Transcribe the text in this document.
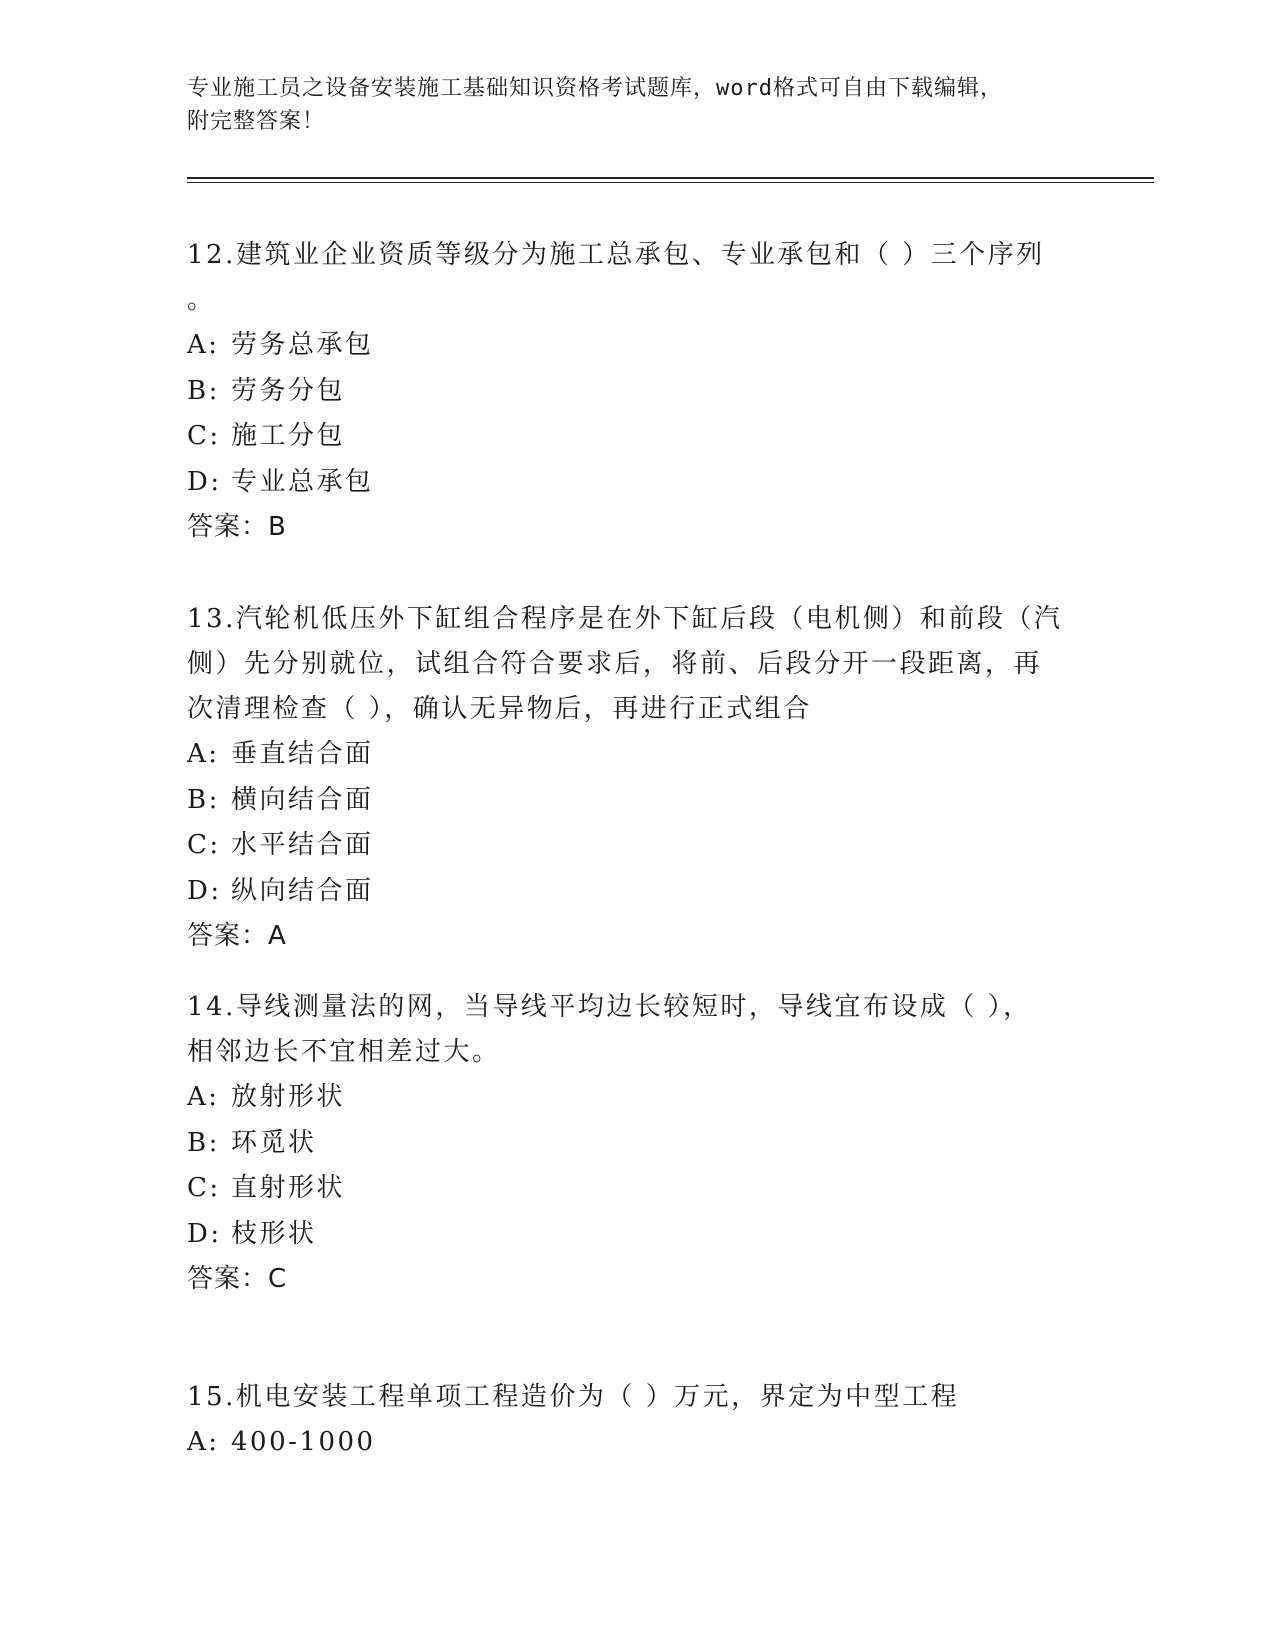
专业施工员之设备安装施工基础知识资格考试题库，word格式可自由下载编辑，
附完整答案！
12.建筑业企业资质等级分为施工总承包、专业承包和（ ）三个序列
。
A: 劳务总承包
B: 劳务分包
C: 施工分包
D: 专业总承包
答案：B
13.汽轮机低压外下缸组合程序是在外下缸后段（电机侧）和前段（汽
侧）先分别就位，试组合符合要求后，将前、后段分开一段距离，再
次清理检查（ ），确认无异物后，再进行正式组合
A: 垂直结合面
B: 横向结合面
C: 水平结合面
D: 纵向结合面
答案：A
14.导线测量法的网，当导线平均边长较短时，导线宜布设成（ ），
相邻边长不宜相差过大。
A: 放射形状
B: 环觅状
C: 直射形状
D: 枝形状
答案：C
15.机电安装工程单项工程造价为（ ）万元，界定为中型工程
A: 400-1000
